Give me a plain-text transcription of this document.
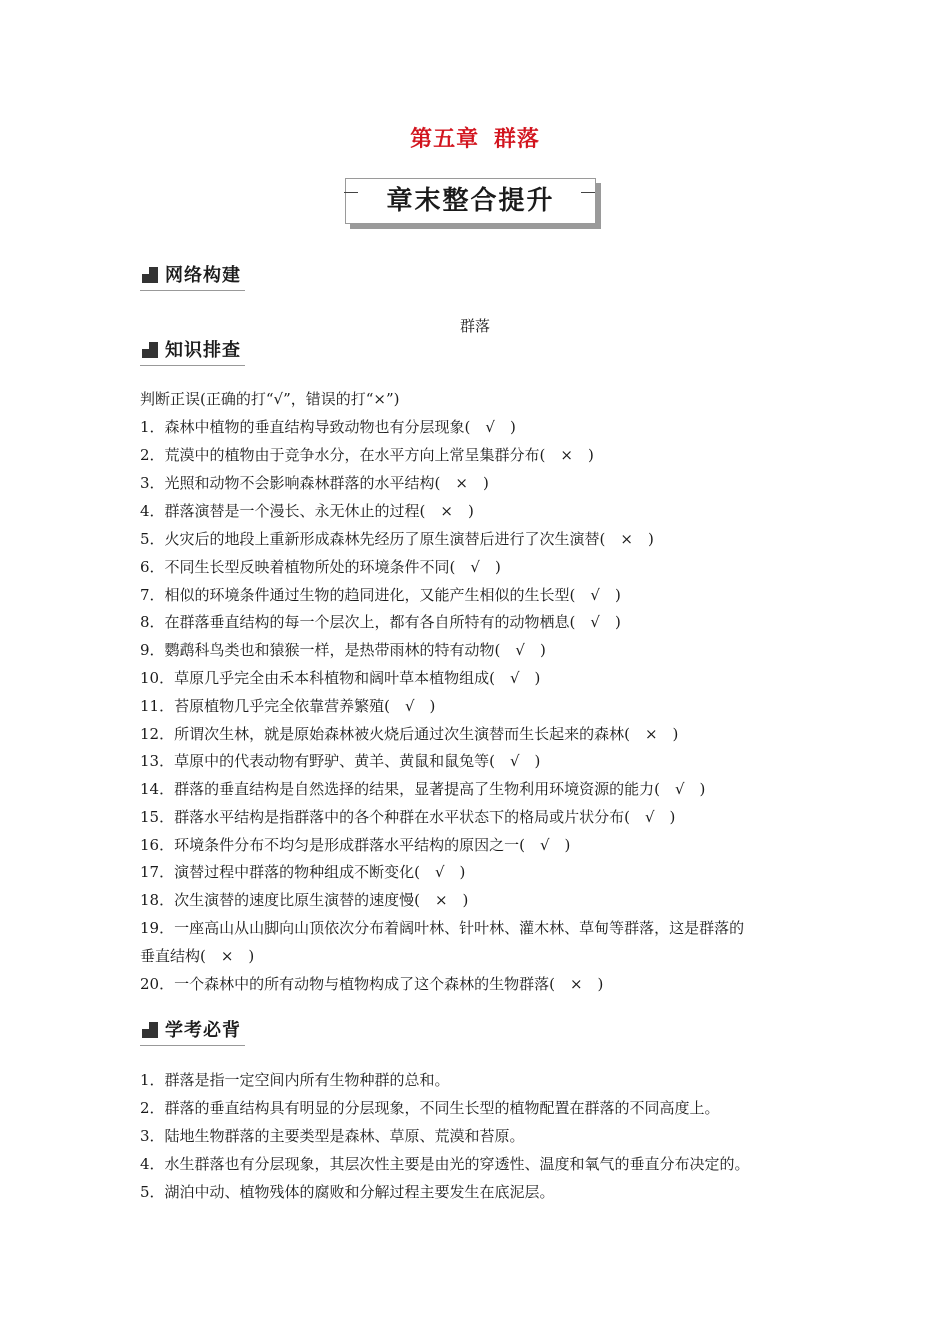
第五章 群落
章末整合提升
网络构建
群落
知识排查
判断正误(正确的打“√”，错误的打“×”)
1．森林中植物的垂直结构导致动物也有分层现象(　√　)
2．荒漠中的植物由于竞争水分，在水平方向上常呈集群分布(　×　)
3．光照和动物不会影响森林群落的水平结构(　×　)
4．群落演替是一个漫长、永无休止的过程(　×　)
5．火灾后的地段上重新形成森林先经历了原生演替后进行了次生演替(　×　)
6．不同生长型反映着植物所处的环境条件不同(　√　)
7．相似的环境条件通过生物的趋同进化，又能产生相似的生长型(　√　)
8．在群落垂直结构的每一个层次上，都有各自所特有的动物栖息(　√　)
9．鹦鹉科鸟类也和猿猴一样，是热带雨林的特有动物(　√　)
10．草原几乎完全由禾本科植物和阔叶草本植物组成(　√　)
11．苔原植物几乎完全依靠营养繁殖(　√　)
12．所谓次生林，就是原始森林被火烧后通过次生演替而生长起来的森林(　×　)
13．草原中的代表动物有野驴、黄羊、黄鼠和鼠兔等(　√　)
14．群落的垂直结构是自然选择的结果，显著提高了生物利用环境资源的能力(　√　)
15．群落水平结构是指群落中的各个种群在水平状态下的格局或片状分布(　√　)
16．环境条件分布不均匀是形成群落水平结构的原因之一(　√　)
17．演替过程中群落的物种组成不断变化(　√　)
18．次生演替的速度比原生演替的速度慢(　×　)
19．一座高山从山脚向山顶依次分布着阔叶林、针叶林、灌木林、草甸等群落，这是群落的
垂直结构(　×　)
20．一个森林中的所有动物与植物构成了这个森林的生物群落(　×　)
学考必背
1．群落是指一定空间内所有生物种群的总和。
2．群落的垂直结构具有明显的分层现象，不同生长型的植物配置在群落的不同高度上。
3．陆地生物群落的主要类型是森林、草原、荒漠和苔原。
4．水生群落也有分层现象，其层次性主要是由光的穿透性、温度和氧气的垂直分布决定的。
5．湖泊中动、植物残体的腐败和分解过程主要发生在底泥层。
